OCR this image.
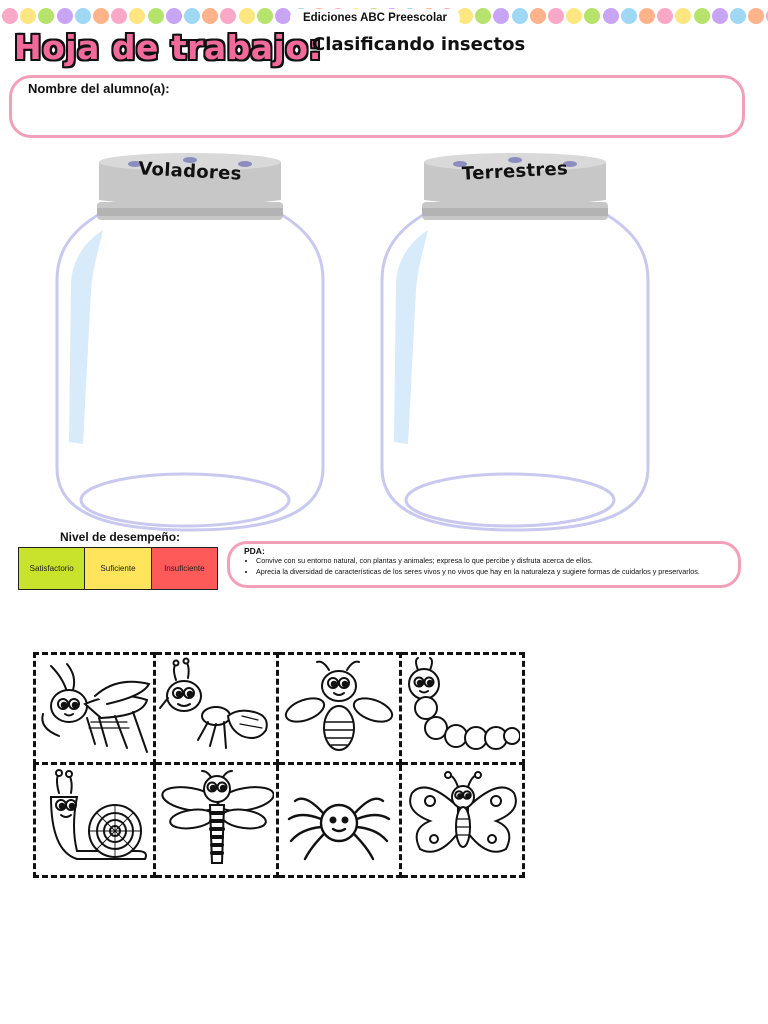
Ediciones ABC Preescolar
Hoja de trabajo:
Clasificando insectos
Nombre del alumno(a):
Voladores	Terrestres
Nivel de desempeño:
Satisfactorio	Suficiente	Insuficiente
PDA:
• Convive con su entorno natural, con plantas y animales; expresa lo que percibe y disfruta acerca de ellos.
• Aprecia la diversidad de características de los seres vivos y no vivos que hay en la naturaleza y sugiere formas de cuidarlos y preservarlos.
